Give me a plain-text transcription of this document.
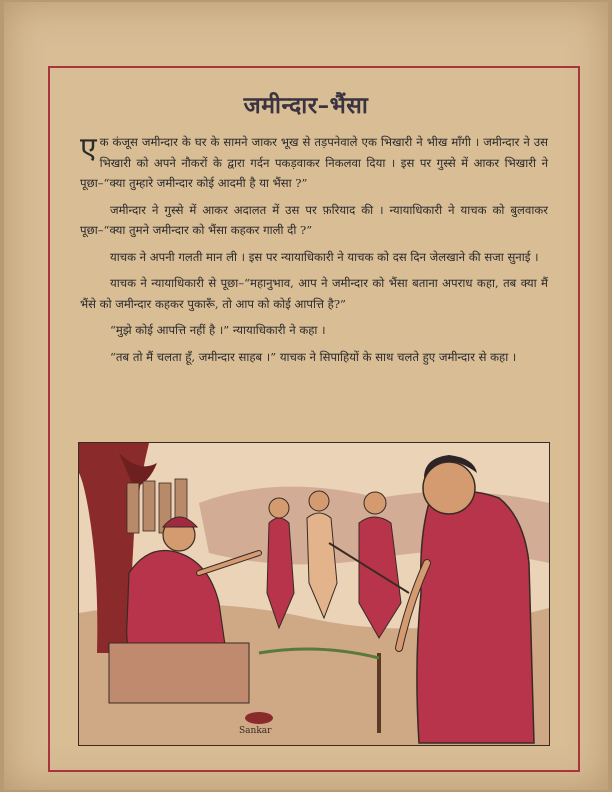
जमीन्दार–भैंसा

एक कंजूस जमीन्दार के घर के सामने जाकर भूख से तड़पनेवाले एक भिखारी ने भीख माँगी । जमीन्दार ने उस भिखारी को अपने नौकरों के द्वारा गर्दन पकड़वाकर निकलवा दिया । इस पर गुस्से में आकर भिखारी ने पूछा–“क्या तुम्हारे जमीन्दार कोई आदमी है या भैंसा ?”

जमीन्दार ने गुस्से में आकर अदालत में उस पर फ़रियाद की । न्यायाधिकारी ने याचक को बुलवाकर पूछा–“क्या तुमने जमीन्दार को भैंसा कहकर गाली दी ?”

याचक ने अपनी गलती मान ली । इस पर न्यायाधिकारी ने याचक को दस दिन जेलखाने की सजा सुनाई ।

याचक ने न्यायाधिकारी से पूछा–“महानुभाव, आप ने जमीन्दार को भैंसा बताना अपराध कहा, तब क्या मैं भैंसे को जमीन्दार कहकर पुकारूँ, तो आप को कोई आपत्ति है?”

“मुझे कोई आपत्ति नहीं है ।” न्यायाधिकारी ने कहा ।

“तब तो मैं चलता हूँ, जमीन्दार साहब ।” याचक ने सिपाहियों के साथ चलते हुए जमीन्दार से कहा ।

Sankar
